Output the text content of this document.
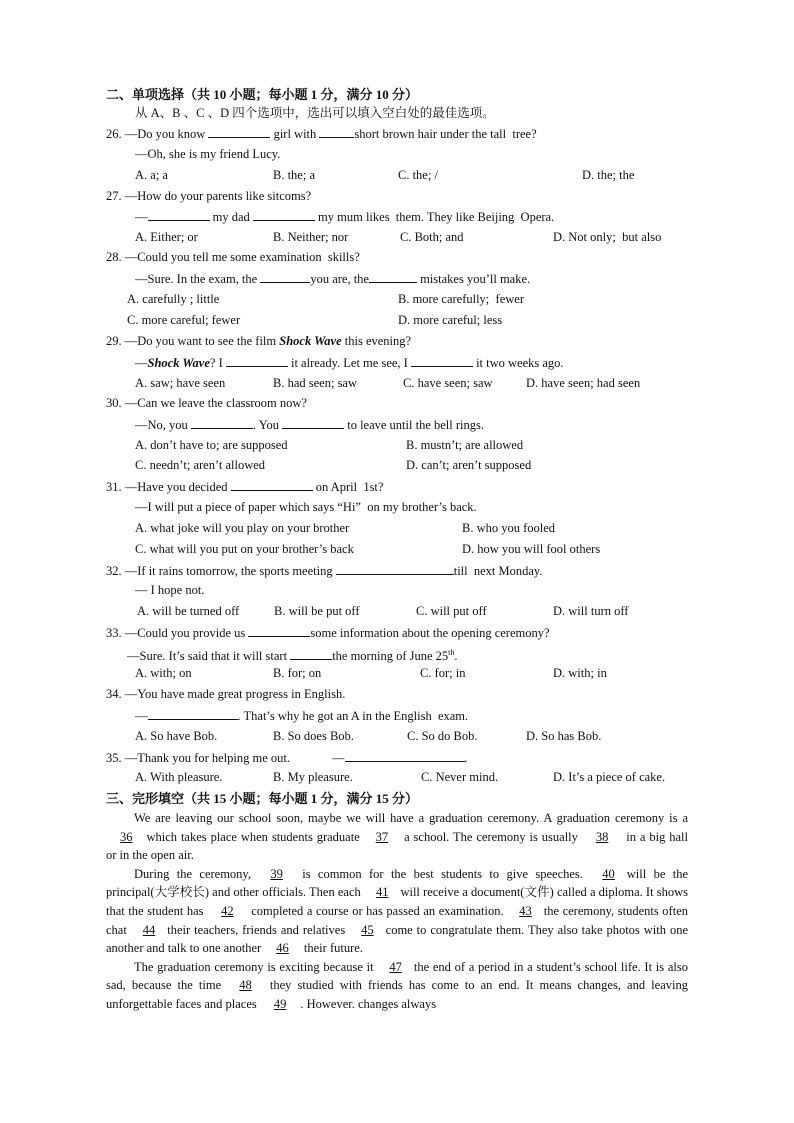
二、单项选择（共 10 小题；每小题 1 分，满分 10 分）
从 A、B 、C 、D 四个选项中，选出可以填入空白处的最佳选项。
26. —Do you know	girl with	short brown hair under the tall  tree?
—Oh, she is my friend Lucy.
A. a; a	B. the; a	C. the; /	D. the; the
27. —How do your parents like sitcoms?
—	my dad	my mum likes  them. They like Beijing  Opera.
A. Either; or	B. Neither; nor	C. Both; and	D. Not only;  but also
28. —Could you tell me some examination  skills?
—Sure. In the exam, the	you are, the	mistakes you’ll make.
A. carefully ; little	B. more carefully;  fewer
C. more careful; fewer	D. more careful; less
29. —Do you want to see the film Shock Wave this evening?
—Shock Wave? I	it already. Let me see, I	it two weeks ago.
A. saw; have seen	B. had seen; saw	C. have seen; saw	D. have seen; had seen
30. —Can we leave the classroom now?
—No, you	. You	to leave until the bell rings.
A. don’t have to; are supposed	B. mustn’t; are allowed
C. needn’t; aren’t allowed	D. can’t; aren’t supposed
31. —Have you decided	on April  1st?
—I will put a piece of paper which says “Hi”  on my brother’s back.
A. what joke will you play on your brother	B. who you fooled
C. what will you put on your brother’s back	D. how you will fool others
32. —If it rains tomorrow, the sports meeting	till  next Monday.
— I hope not.
A. will be turned off	B. will be put off	C. will put off	D. will turn off
33. —Could you provide us	some information about the opening ceremony?
—Sure. It’s said that it will start	the morning of June 25th.
A. with; on	B. for; on	C. for; in	D. with; in
34. —You have made great progress in English.
—	. That’s why he got an A in the English  exam.
A. So have Bob.	B. So does Bob.	C. So do Bob.	D. So has Bob.
35. —Thank you for helping me out.	—	.
A. With pleasure.	B. My pleasure.	C. Never mind.	D. It’s a piece of cake.
三、完形填空（共 15 小题；每小题 1 分，满分 15 分）

We are leaving our school soon, maybe we will have a graduation ceremony. A graduation ceremony is a 36 which takes place when students graduate 37 a school. The ceremony is usually 38 in a big hall or in the open air.

During the ceremony, 39 is common for the best students to give speeches. 40 will be the principal(大学校长) and other officials. Then each 41 will receive a document(文件) called a diploma. It shows that the student has 42 completed a course or has passed an examination. 43 the ceremony, students often chat 44 their teachers, friends and relatives 45 come to congratulate them. They also take photos with one another and talk to one another 46 their future.

The graduation ceremony is exciting because it 47 the end of a period in a student’s school life. It is also sad, because the time 48 they studied with friends has come to an end. It means changes, and leaving unforgettable faces and places 49 . However. changes always
